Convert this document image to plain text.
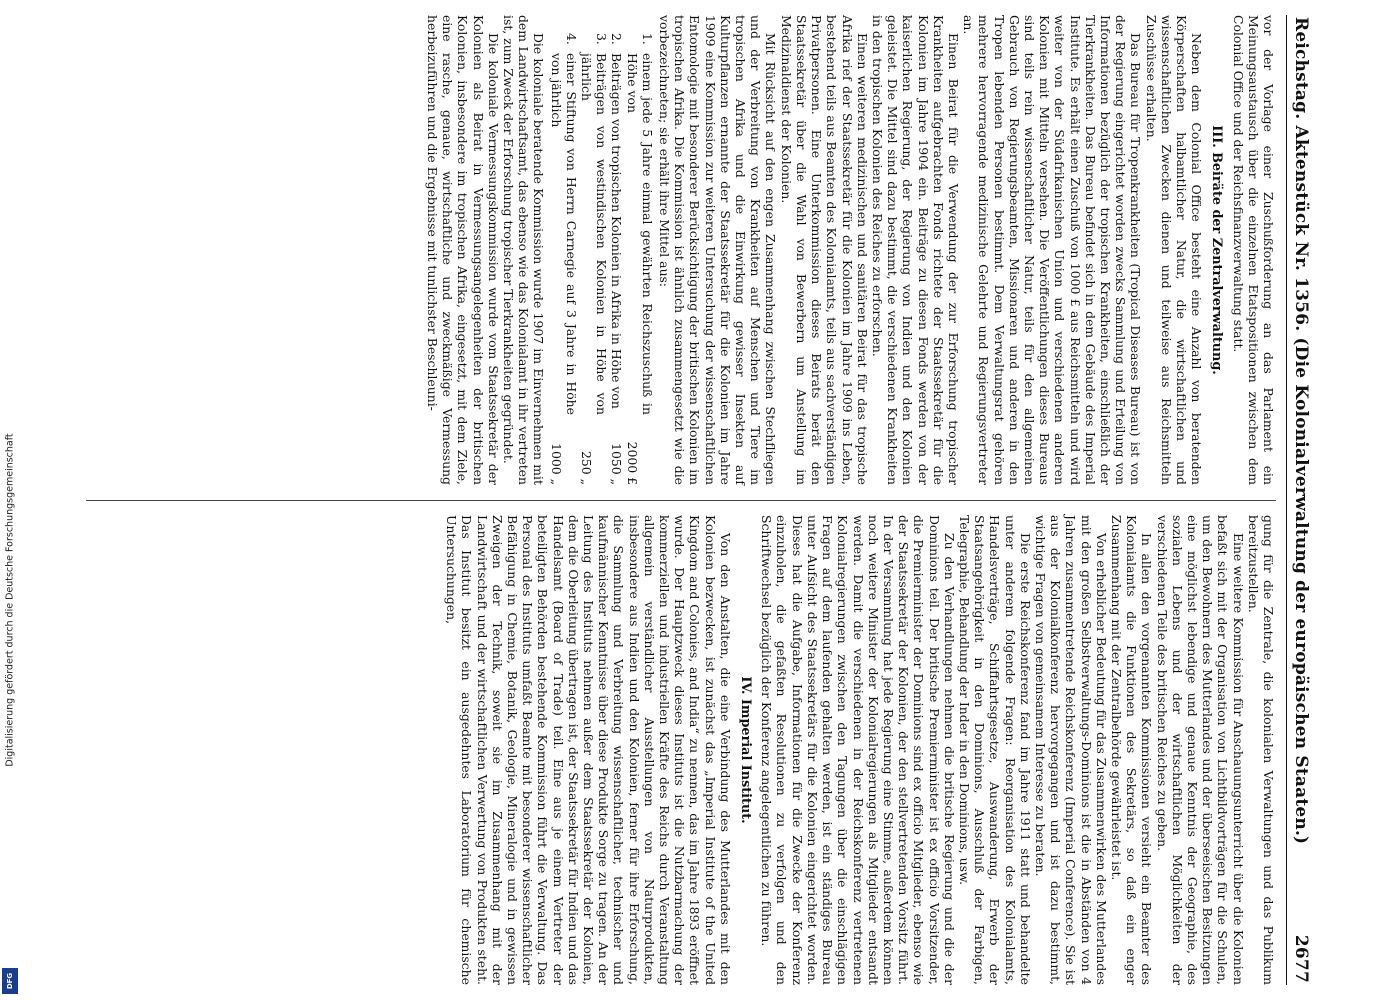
Digitalisierung gefördert durch die Deutsche Forschungsgemeinschaft
DFG
Reichstag. Aktenstück Nr. 1356. (Die Kolonialverwaltung der europäischen Staaten.)
2677

vor der Vorlage einer Zuschußforderung an das Parlament ein Meinungsaustausch über die einzelnen Etatspositionen zwischen dem Colonial Office und der Reichsfinanzverwaltung statt.

III. Beiräte der Zentralverwaltung.

Neben dem Colonial Office besteht eine Anzahl von beratenden Körperschaften halbamtlicher Natur, die wirtschaftlichen und wissenschaftlichen Zwecken dienen und teilweise aus Reichsmitteln Zuschüsse erhalten.

Das Bureau für Tropenkrankheiten (Tropical Diseases Bureau) ist von der Regierung eingerichtet worden zwecks Sammlung und Erteilung von Informationen bezüglich der tropischen Krankheiten, einschließlich der Tierkrankheiten. Das Bureau befindet sich in dem Gebäude des Imperial Institute. Es erhält einen Zuschuß von 1000 £ aus Reichsmitteln und wird weiter von der Südafrikanischen Union und verschiedenen anderen Kolonien mit Mitteln versehen. Die Veröffentlichungen dieses Bureaus sind teils rein wissenschaftlicher Natur, teils für den allgemeinen Gebrauch von Regierungsbeamten, Missionaren und anderen in den Tropen lebenden Personen bestimmt. Dem Verwaltungsrat gehören mehrere hervorragende medizinische Gelehrte und Regierungsvertreter an.

Einen Beirat für die Verwendung der zur Erforschung tropischer Krankheiten aufgebrachten Fonds richtete der Staatssekretär für die Kolonien im Jahre 1904 ein. Beiträge zu diesen Fonds werden von der kaiserlichen Regierung, der Regierung von Indien und den Kolonien geleistet. Die Mittel sind dazu bestimmt, die verschiedenen Krankheiten in den tropischen Kolonien des Reiches zu erforschen.

Einen weiteren medizinischen und sanitären Beirat für das tropische Afrika rief der Staatssekretär für die Kolonien im Jahre 1909 ins Leben, bestehend teils aus Beamten des Kolonialamts, teils aus sachverständigen Privatpersonen. Eine Unterkommission dieses Beirats berät den Staatssekretär über die Wahl von Bewerbern um Anstellung im Medizinaldienst der Kolonien.

Mit Rücksicht auf den engen Zusammenhang zwischen Stechfliegen und der Verbreitung von Krankheiten auf Menschen und Tiere im tropischen Afrika und die Einwirkung gewisser Insekten auf Kulturpflanzen ernannte der Staatssekretär für die Kolonien im Jahre 1909 eine Kommission zur weiteren Untersuchung der wissenschaftlichen Entomologie mit besonderer Berücksichtigung der britischen Kolonien im tropischen Afrika. Die Kommission ist ähnlich zusammengesetzt wie die vorbezeichneten; sie erhält ihre Mittel aus:

1.
einem jede 5 Jahre einmal gewährten Reichszuschuß in Höhe von
2000 £
2.
Beiträgen von tropischen Kolonien in Afrika in Höhe von
1050 „
3.
Beiträgen von westindischen Kolonien in Höhe von jährlich
250 „
4.
einer Stiftung von Herrn Carnegie auf 3 Jahre in Höhe von jährlich
1000 „

Die koloniale beratende Kommission wurde 1907 im Einvernehmen mit dem Landwirtschaftsamt, das ebenso wie das Kolonialamt in ihr vertreten ist, zum Zweck der Erforschung tropischer Tierkrankheiten gegründet.

Die koloniale Vermessungskommission wurde vom Staatssekretär der Kolonien als Beirat in Vermessungsangelegenheiten der britischen Kolonien, insbesondere im tropischen Afrika, eingesetzt, mit dem Ziele, eine rasche, genaue, wirtschaftliche und zweckmäßige Vermessung herbeizuführen und die Ergebnisse mit tunlichster Beschleuni-

gung für die Zentrale, die kolonialen Verwaltungen und das Publikum bereitzustellen.

Eine weitere Kommission für Anschauungsunterricht über die Kolonien befaßt sich mit der Organisation von Lichtbildvorträgen für die Schulen, um den Bewohnern des Mutterlandes und der überseeischen Besitzungen eine möglichst lebendige und genaue Kenntnis der Geographie, des sozialen Lebens und der wirtschaftlichen Möglichkeiten der verschiedenen Teile des britischen Reiches zu geben.

In allen den vorgenannten Kommissionen versieht ein Beamter des Kolonialamts die Funktionen des Sekretärs, so daß ein enger Zusammenhang mit der Zentralbehörde gewährleistet ist.

Von erheblicher Bedeutung für das Zusammenwirken des Mutterlandes mit den großen Selbstverwaltungs-Dominions ist die in Abständen von 4 Jahren zusammentretende Reichskonferenz (Imperial Conference). Sie ist aus der Kolonialkonferenz hervorgegangen und ist dazu bestimmt, wichtige Fragen von gemeinsamem Interesse zu beraten.

Die erste Reichskonferenz fand im Jahre 1911 statt und behandelte unter anderem folgende Fragen: Reorganisation des Kolonialamts, Handelsverträge, Schiffahrtsgesetze, Auswanderung, Erwerb der Staatsangehörigkeit in den Dominions, Ausschluß der Farbigen, Telegraphie, Behandlung der Inder in den Dominions, usw.

Zu den Verhandlungen nehmen die britische Regierung und die der Dominions teil. Der britische Premierminister ist ex officio Vorsitzender, die Premierminister der Dominions sind ex officio Mitglieder, ebenso wie der Staatssekretär der Kolonien, der den stellvertretenden Vorsitz führt. In der Versammlung hat jede Regierung eine Stimme, außerdem können noch weitere Minister der Kolonialregierungen als Mitglieder entsandt werden. Damit die verschiedenen in der Reichskonferenz vertretenen Kolonialregierungen zwischen den Tagungen über die einschlägigen Fragen auf dem laufenden gehalten werden, ist ein ständiges Bureau unter Aufsicht des Staatssekretärs für die Kolonien eingerichtet worden. Dieses hat die Aufgabe, Informationen für die Zwecke der Konferenz einzuholen, die gefaßten Resolutionen zu verfolgen und den Schriftwechsel bezüglich der Konferenz angelegentlichen zu führen.

IV. Imperial Institut.

Von den Anstalten, die eine Verbindung des Mutterlandes mit den Kolonien bezwecken, ist zunächst das „Imperial Institute of the United Kingdom and Colonies, and India“ zu nennen, das im Jahre 1893 eröffnet wurde. Der Hauptzweck dieses Instituts ist die Nutzbarmachung der kommerziellen und industriellen Kräfte des Reichs durch Veranstaltung allgemein verständlicher Ausstellungen von Naturprodukten, insbesondere aus Indien und den Kolonien, ferner für ihre Erforschung, die Sammlung und Verbreitung wissenschaftlicher, technischer und kaufmännischer Kenntnisse über diese Produkte Sorge zu tragen. An der Leitung des Instituts nehmen außer dem Staatssekretär der Kolonien, dem die Oberleitung übertragen ist, der Staatssekretär für Indien und das Handelsamt (Board of Trade) teil. Eine aus je einem Vertreter der beteiligten Behörden bestehende Kommission führt die Verwaltung. Das Personal des Instituts umfaßt Beamte mit besonderer wissenschaftlicher Befähigung in Chemie, Botanik, Geologie, Mineralogie und in gewissen Zweigen der Technik, soweit sie im Zusammenhang mit der Landwirtschaft und der wirtschaftlichen Verwertung von Produkten steht. Das Institut besitzt ein ausgedehntes Laboratorium für chemische Untersuchungen,
